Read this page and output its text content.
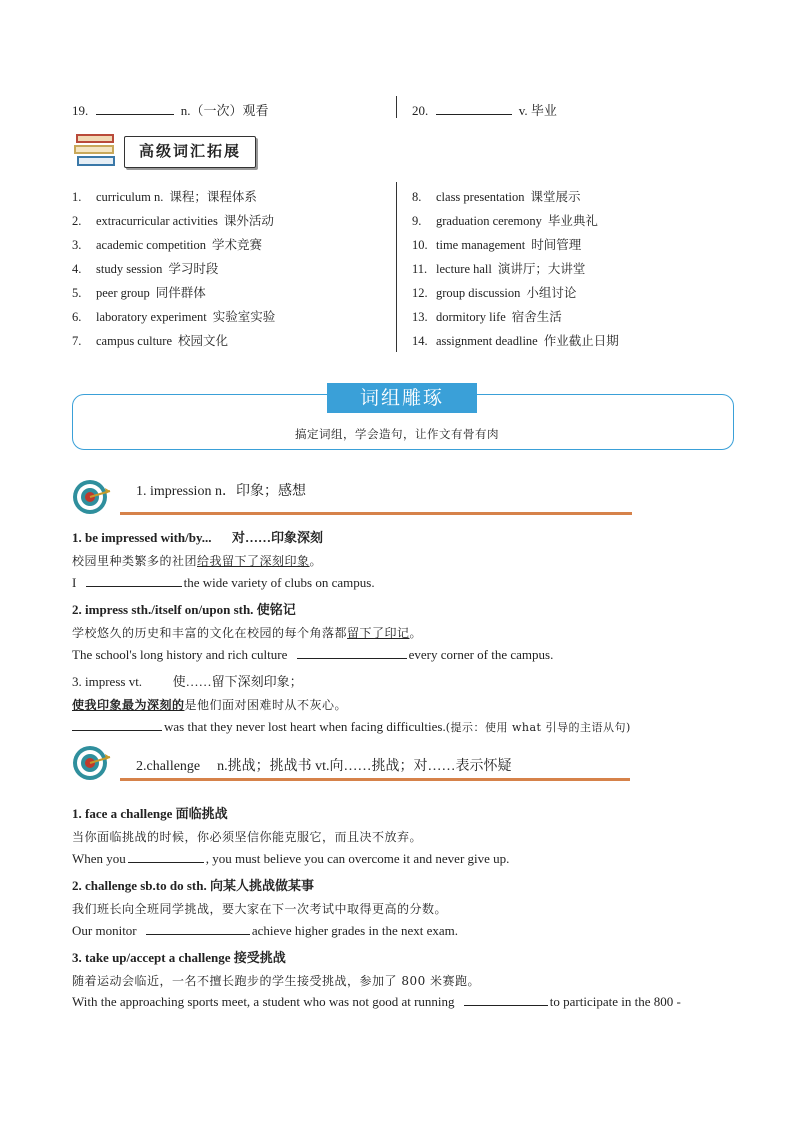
19.	n.（一次）观看	20.	v. 毕业
高级词汇拓展
1. curriculum n. 课程；课程体系
2. extracurricular activities 课外活动
3. academic competition 学术竞赛
4. study session 学习时段
5. peer group 同伴群体
6. laboratory experiment 实验室实验
7. campus culture 校园文化
8. class presentation 课堂展示
9. graduation ceremony 毕业典礼
10. time management 时间管理
11. lecture hall 演讲厅；大讲堂
12. group discussion 小组讨论
13. dormitory life 宿舍生活
14. assignment deadline 作业截止日期
词组雕琢
搞定词组，学会造句，让作文有骨有肉
1. impression n．印象；感想
1. be impressed with/by... 对……印象深刻
校园里种类繁多的社团给我留下了深刻印象。
I	the wide variety of clubs on campus.
2. impress sth./itself on/upon sth. 使铭记
学校悠久的历史和丰富的文化在校园的每个角落都留下了印记。
The school's long history and rich culture	every corner of the campus.
3. impress vt. 使……留下深刻印象；
使我印象最为深刻的是他们面对困难时从不灰心。
was that they never lost heart when facing difficulties.(提示：使用 what 引导的主语从句)
2.challenge n.挑战；挑战书 vt.向……挑战；对……表示怀疑
1. face a challenge 面临挑战
当你面临挑战的时候，你必须坚信你能克服它，而且决不放弃。
When you	, you must believe you can overcome it and never give up.
2. challenge sb.to do sth. 向某人挑战做某事
我们班长向全班同学挑战，要大家在下一次考试中取得更高的分数。
Our monitor	achieve higher grades in the next exam.
3. take up/accept a challenge 接受挑战
随着运动会临近，一名不擅长跑步的学生接受挑战，参加了 800 米赛跑。
With the approaching sports meet, a student who was not good at running	to participate in the 800 -
